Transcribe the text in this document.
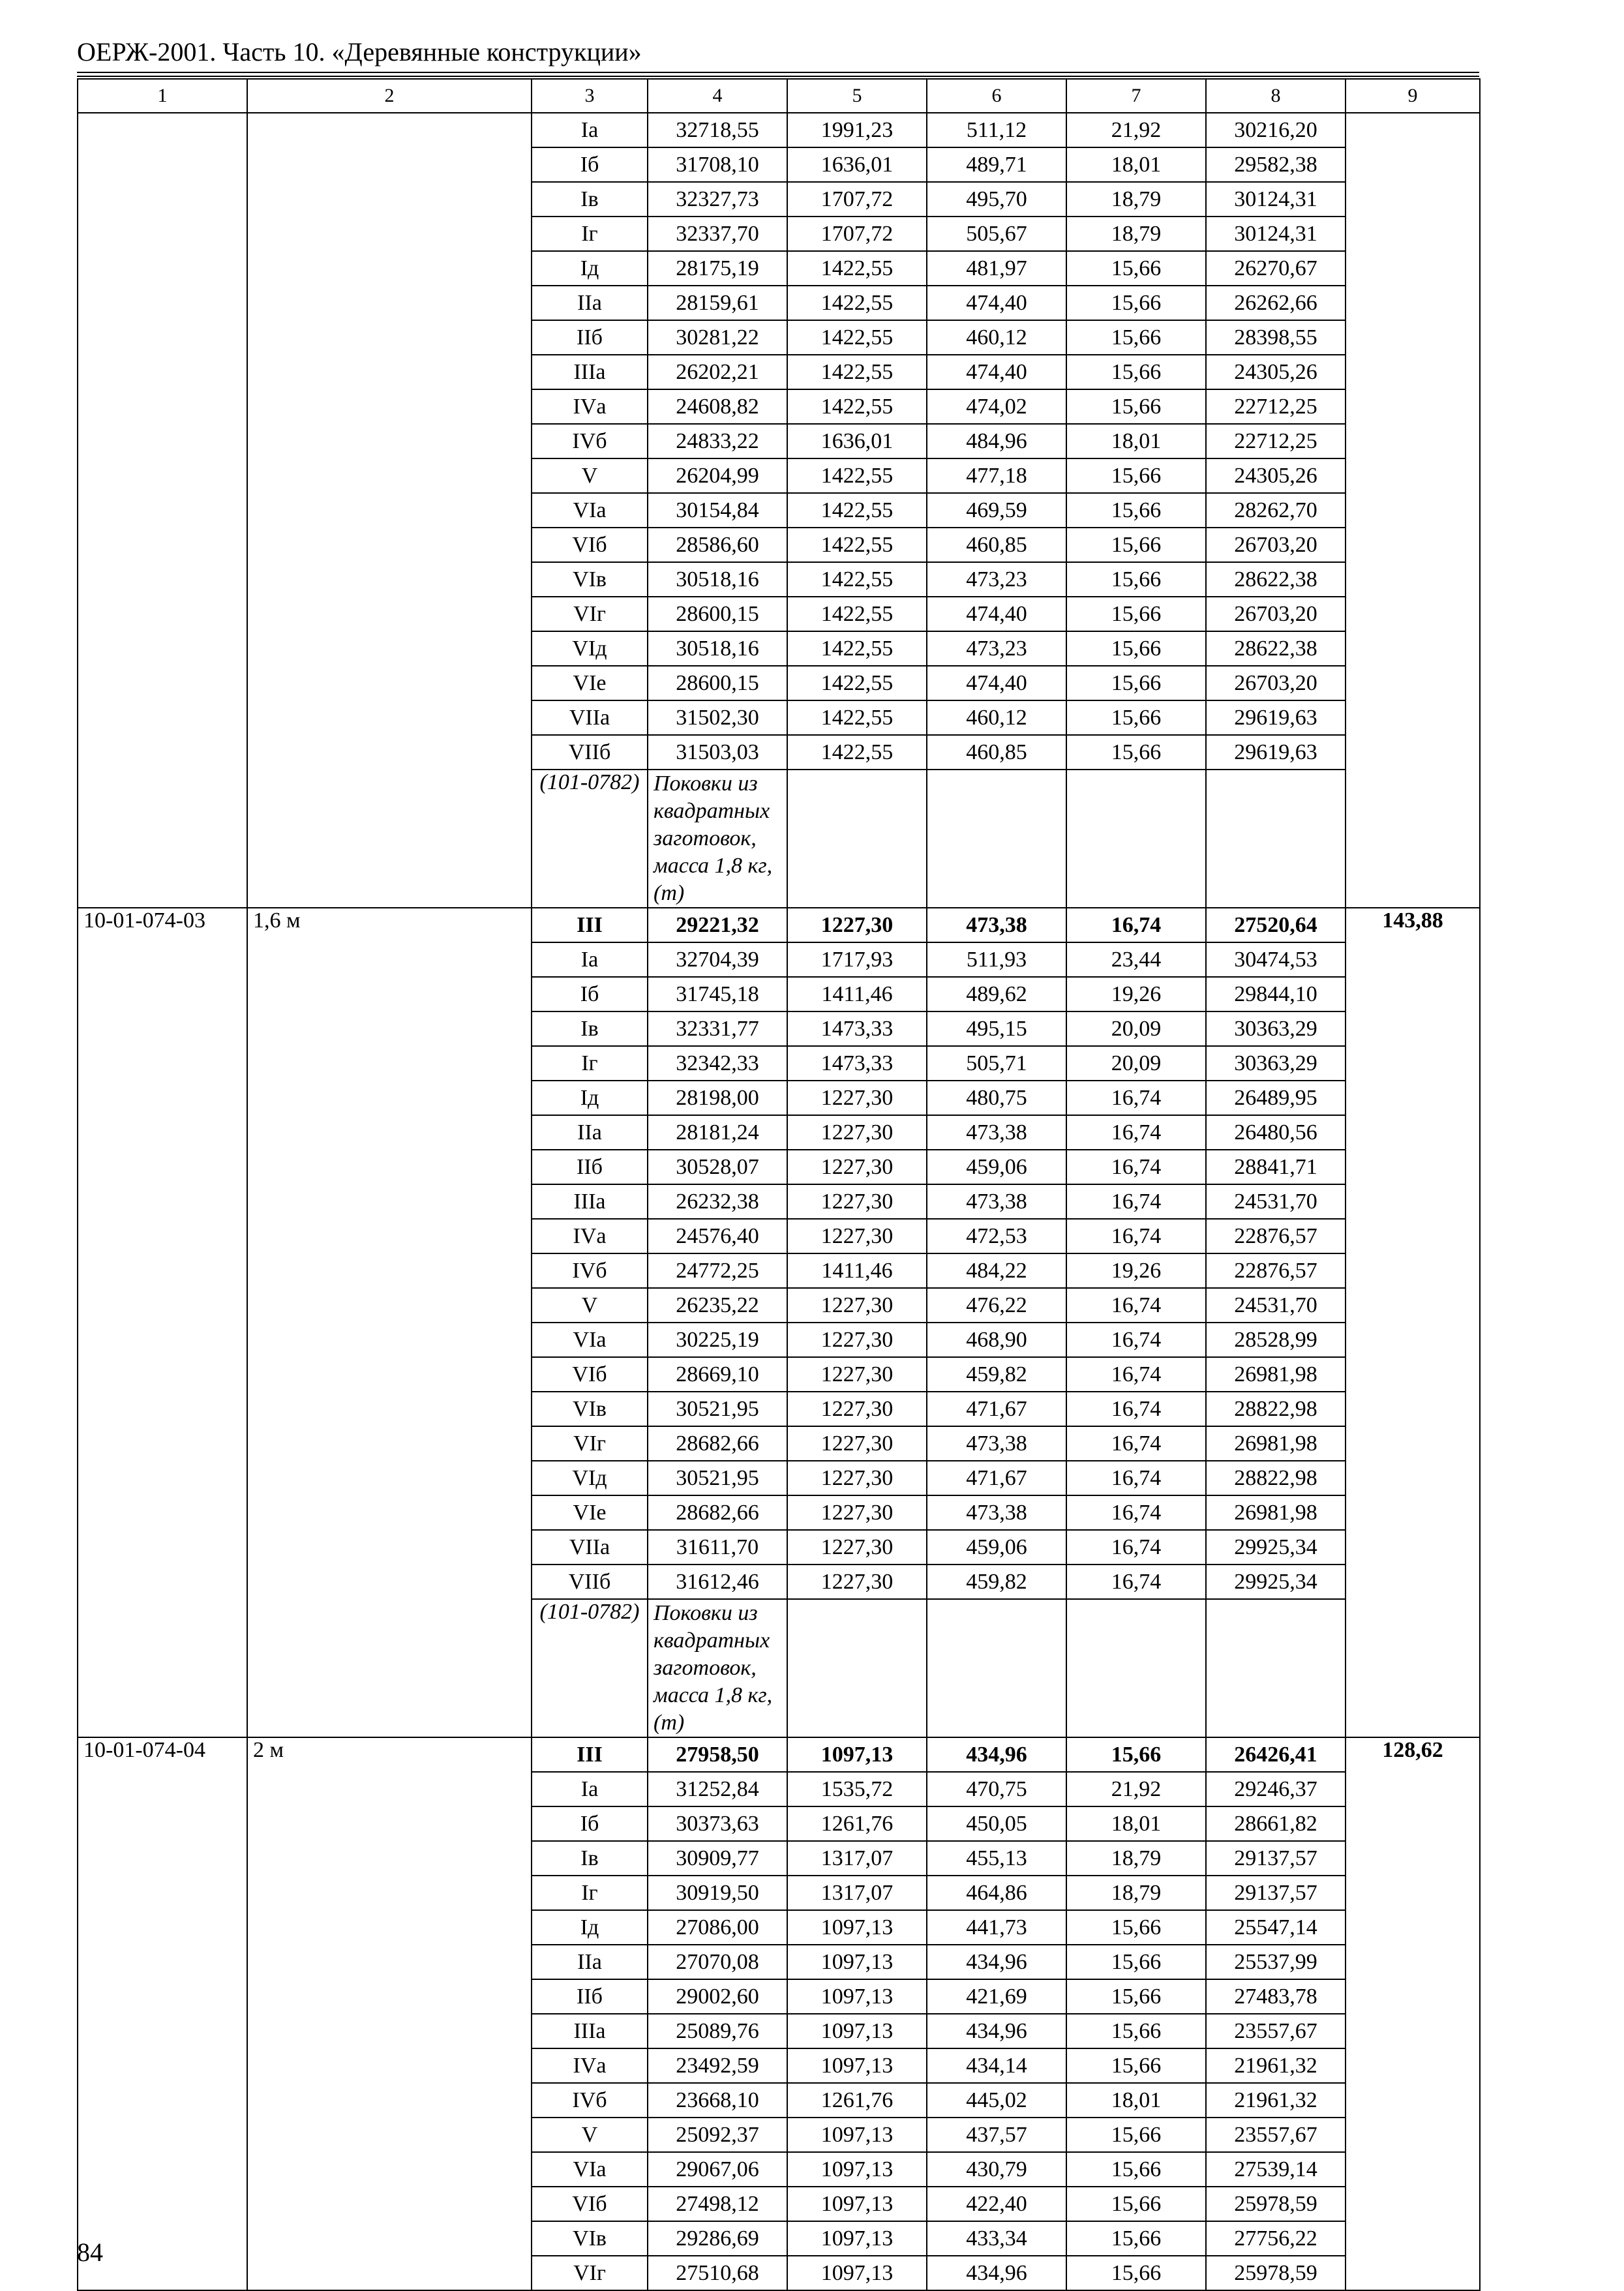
ОЕРЖ-2001. Часть 10. «Деревянные конструкции»
1	2	3	4	5	6	7	8	9	
		Iа	32718,55	1991,23	511,12	21,92	30216,20		
		Iб	31708,10	1636,01	489,71	18,01	29582,38		
		Iв	32327,73	1707,72	495,70	18,79	30124,31		
		Iг	32337,70	1707,72	505,67	18,79	30124,31		
		Iд	28175,19	1422,55	481,97	15,66	26270,67		
		IIа	28159,61	1422,55	474,40	15,66	26262,66		
		IIб	30281,22	1422,55	460,12	15,66	28398,55		
		IIIа	26202,21	1422,55	474,40	15,66	24305,26		
		IVа	24608,82	1422,55	474,02	15,66	22712,25		
		IVб	24833,22	1636,01	484,96	18,01	22712,25		
		V	26204,99	1422,55	477,18	15,66	24305,26		
		VIа	30154,84	1422,55	469,59	15,66	28262,70		
		VIб	28586,60	1422,55	460,85	15,66	26703,20		
		VIв	30518,16	1422,55	473,23	15,66	28622,38		
		VIг	28600,15	1422,55	474,40	15,66	26703,20		
		VIд	30518,16	1422,55	473,23	15,66	28622,38		
		VIе	28600,15	1422,55	474,40	15,66	26703,20		
		VIIа	31502,30	1422,55	460,12	15,66	29619,63		
		VIIб	31503,03	1422,55	460,85	15,66	29619,63		
		(101-0782)	Поковки из квадратных заготовок, масса 1,8 кг, (т)						
10-01-074-03	1,6 м	III	29221,32	1227,30	473,38	16,74	27520,64	143,88	
		Iа	32704,39	1717,93	511,93	23,44	30474,53		
		Iб	31745,18	1411,46	489,62	19,26	29844,10		
		Iв	32331,77	1473,33	495,15	20,09	30363,29		
		Iг	32342,33	1473,33	505,71	20,09	30363,29		
		Iд	28198,00	1227,30	480,75	16,74	26489,95		
		IIа	28181,24	1227,30	473,38	16,74	26480,56		
		IIб	30528,07	1227,30	459,06	16,74	28841,71		
		IIIа	26232,38	1227,30	473,38	16,74	24531,70		
		IVа	24576,40	1227,30	472,53	16,74	22876,57		
		IVб	24772,25	1411,46	484,22	19,26	22876,57		
		V	26235,22	1227,30	476,22	16,74	24531,70		
		VIа	30225,19	1227,30	468,90	16,74	28528,99		
		VIб	28669,10	1227,30	459,82	16,74	26981,98		
		VIв	30521,95	1227,30	471,67	16,74	28822,98		
		VIг	28682,66	1227,30	473,38	16,74	26981,98		
		VIд	30521,95	1227,30	471,67	16,74	28822,98		
		VIе	28682,66	1227,30	473,38	16,74	26981,98		
		VIIа	31611,70	1227,30	459,06	16,74	29925,34		
		VIIб	31612,46	1227,30	459,82	16,74	29925,34		
		(101-0782)	Поковки из квадратных заготовок, масса 1,8 кг, (т)						
10-01-074-04	2 м	III	27958,50	1097,13	434,96	15,66	26426,41	128,62	
		Iа	31252,84	1535,72	470,75	21,92	29246,37		
		Iб	30373,63	1261,76	450,05	18,01	28661,82		
		Iв	30909,77	1317,07	455,13	18,79	29137,57		
		Iг	30919,50	1317,07	464,86	18,79	29137,57		
		Iд	27086,00	1097,13	441,73	15,66	25547,14		
		IIа	27070,08	1097,13	434,96	15,66	25537,99		
		IIб	29002,60	1097,13	421,69	15,66	27483,78		
		IIIа	25089,76	1097,13	434,96	15,66	23557,67		
		IVа	23492,59	1097,13	434,14	15,66	21961,32		
		IVб	23668,10	1261,76	445,02	18,01	21961,32		
		V	25092,37	1097,13	437,57	15,66	23557,67		
		VIа	29067,06	1097,13	430,79	15,66	27539,14		
		VIб	27498,12	1097,13	422,40	15,66	25978,59		
		VIв	29286,69	1097,13	433,34	15,66	27756,22		
		VIг	27510,68	1097,13	434,96	15,66	25978,59		
84
